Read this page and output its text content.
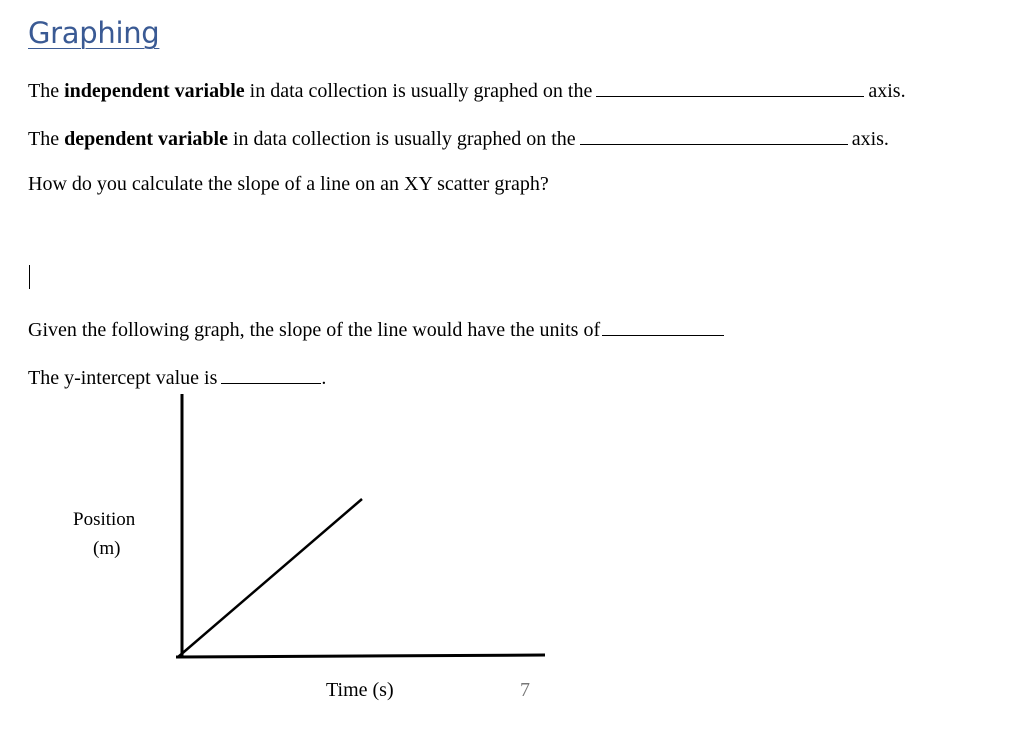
Graphing
The independent variable in data collection is usually graphed on the	axis.
The dependent variable in data collection is usually graphed on the	axis.
How do you calculate the slope of a line on an XY scatter graph?
Given the following graph, the slope of the line would have the units of
The y-intercept value is	.
Position
(m)
Time (s)	7
